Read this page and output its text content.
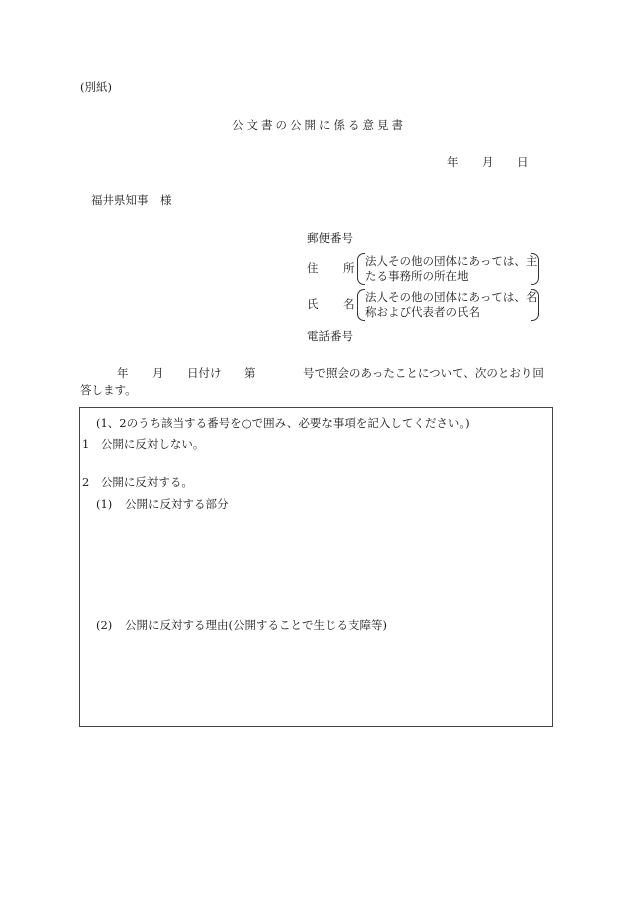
(別紙)
公文書の公開に係る意見書
年 月 日
福井県知事　様
郵便番号
住 所 法人その他の団体にあっては、主
たる事務所の所在地
氏 名 法人その他の団体にあっては、名
称および代表者の氏名
電話番号
年 月 日付け 第	号で照会のあったことについて、次のとおり回
答します。
(1、2のうち該当する番号を○で囲み、必要な事項を記入してください。)
1　公開に反対しない。
2　公開に反対する。
(1) 公開に反対する部分
(2) 公開に反対する理由(公開することで生じる支障等)
